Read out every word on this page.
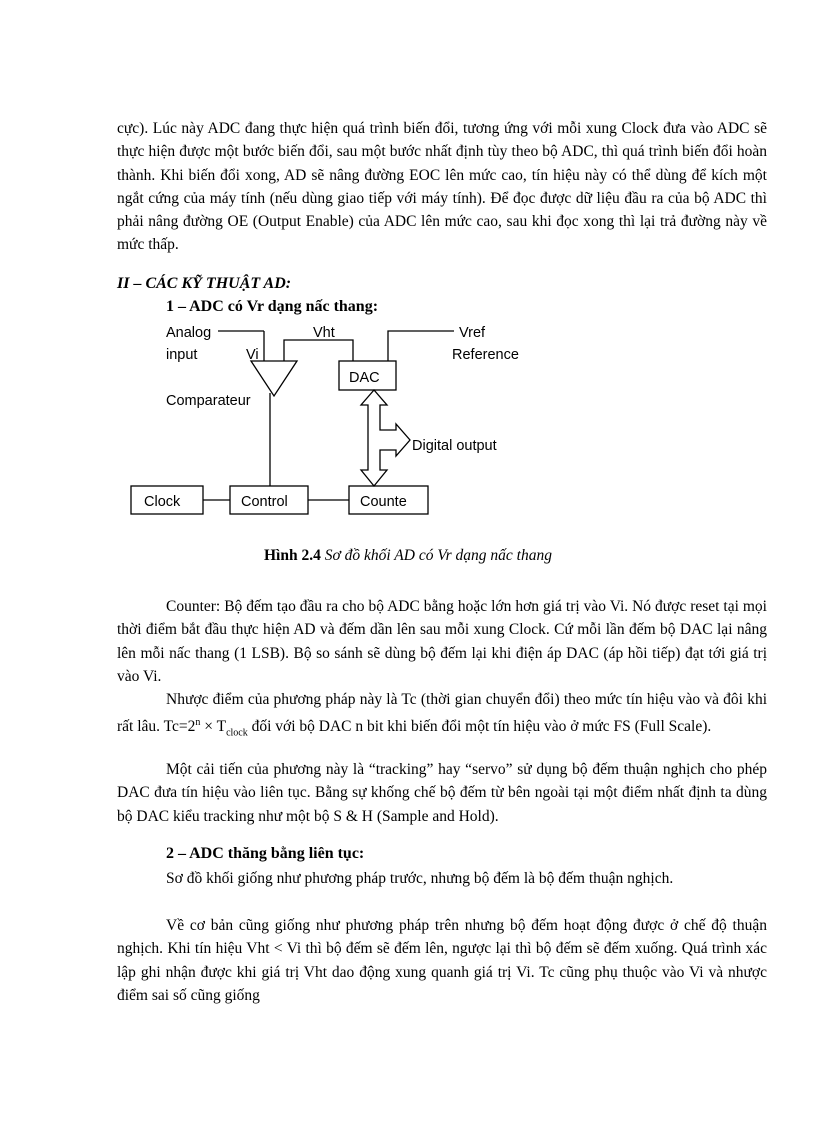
cực). Lúc này ADC đang thực hiện quá trình biến đổi, tương ứng với mỗi xung Clock đưa vào ADC sẽ thực hiện được một bước biến đổi, sau một bước nhất định tùy theo bộ ADC, thì quá trình biến đổi hoàn thành. Khi biến đổi xong, AD sẽ nâng đường EOC lên mức cao, tín hiệu này có thể dùng để kích một ngắt cứng của máy tính (nếu dùng giao tiếp với máy tính). Để đọc được dữ liệu đầu ra của bộ ADC thì phải nâng đường OE (Output Enable) của ADC lên mức cao, sau khi đọc xong thì lại trả đường này về mức thấp.

II – CÁC KỸ THUẬT AD:

1 – ADC có Vr dạng nấc thang:

Analog
input	Vi
Vht	Vref
Reference
DAC
Comparateur
Digital output
Clock	Control	Counte
Hình 2.4 Sơ đồ khối AD có Vr dạng nấc thang

Counter: Bộ đếm tạo đầu ra cho bộ ADC bằng hoặc lớn hơn giá trị vào Vi. Nó được reset tại mọi thời điểm bắt đầu thực hiện AD và đếm dần lên sau mỗi xung Clock. Cứ mỗi lần đếm bộ DAC lại nâng lên mỗi nấc thang (1 LSB). Bộ so sánh sẽ dùng bộ đếm lại khi điện áp DAC (áp hồi tiếp) đạt tới giá trị vào Vi.

Nhược điểm của phương pháp này là Tc (thời gian chuyển đổi) theo mức tín hiệu vào và đôi khi rất lâu. $Tc=2^n \times T_{clock}$ đối với bộ DAC n bit khi biến đổi một tín hiệu vào ở mức FS (Full Scale).

Một cải tiến của phương này là “tracking” hay “servo” sử dụng bộ đếm thuận nghịch cho phép DAC đưa tín hiệu vào liên tục. Bằng sự khống chế bộ đếm từ bên ngoài tại một điểm nhất định ta dùng bộ DAC kiểu tracking như một bộ S & H (Sample and Hold).

2 – ADC thăng bằng liên tục:

Sơ đồ khối giống như phương pháp trước, nhưng bộ đếm là bộ đếm thuận nghịch.

Về cơ bản cũng giống như phương pháp trên nhưng bộ đếm hoạt động được ở chế độ thuận nghịch. Khi tín hiệu Vht < Vi thì bộ đếm sẽ đếm lên, ngược lại thì bộ đếm sẽ đếm xuống. Quá trình xác lập ghi nhận được khi giá trị Vht dao động xung quanh giá trị Vi. Tc cũng phụ thuộc vào Vi và nhược điểm sai số cũng giống
